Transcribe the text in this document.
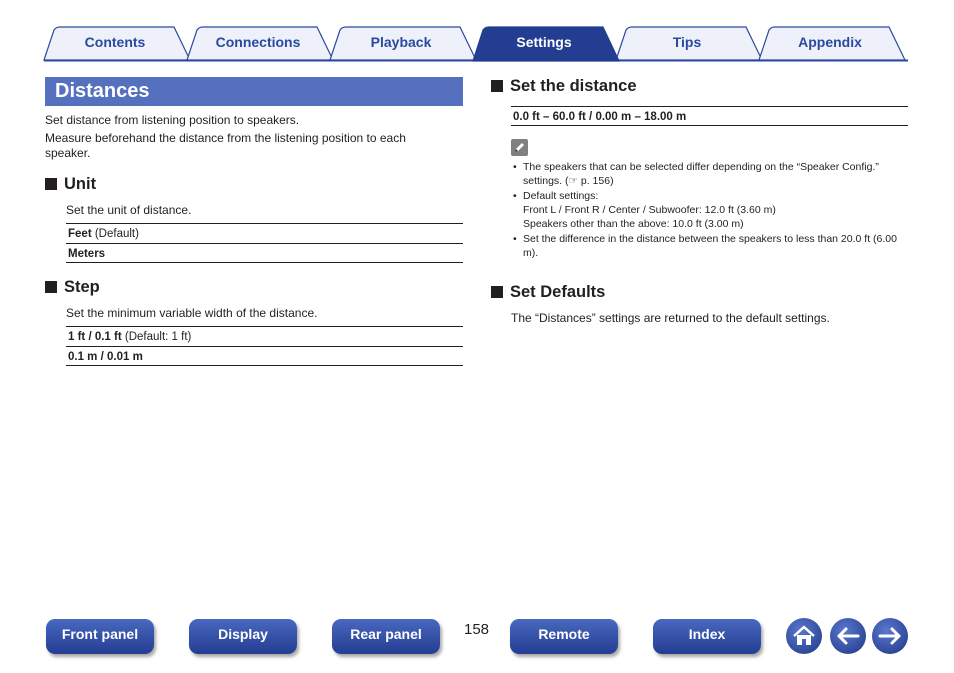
Contents	Connections	Playback	Settings	Tips	Appendix
Distances
Set distance from listening position to speakers.
Measure beforehand the distance from the listening position to each speaker.
Unit
Set the unit of distance.
Feet (Default)
Meters
Step
Set the minimum variable width of the distance.
1 ft / 0.1 ft (Default: 1 ft)
0.1 m / 0.01 m
Set the distance
0.0 ft – 60.0 ft / 0.00 m – 18.00 m
• The speakers that can be selected differ depending on the “Speaker Config.” settings. (☞ p. 156)
• Default settings:
Front L / Front R / Center / Subwoofer: 12.0 ft (3.60 m)
Speakers other than the above: 10.0 ft (3.00 m)
• Set the difference in the distance between the speakers to less than 20.0 ft (6.00 m).
Set Defaults
The “Distances” settings are returned to the default settings.
Front panel	Display	Rear panel	158	Remote	Index
